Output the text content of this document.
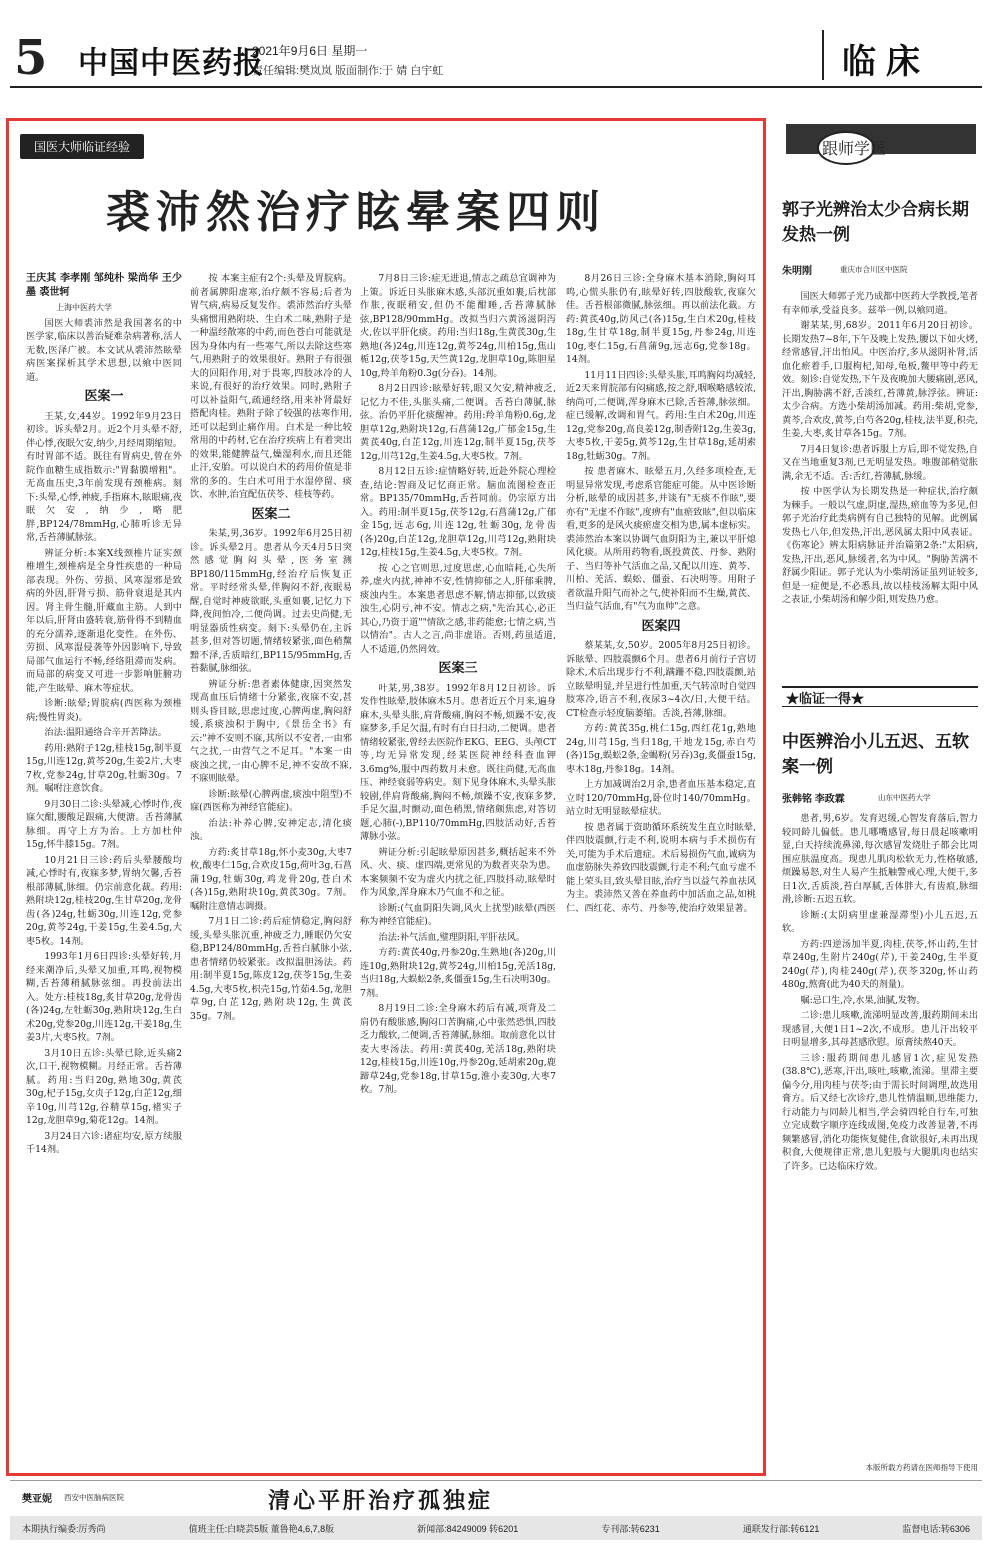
5 中国中医药报
2021年9月6日 星期一
责任编辑:樊岚岚 版面制作:于 婧 白宇虹	临床
国医大师临证经验
裘沛然治疗眩晕案四则

王庆其 李孝刚 邹纯朴 梁尚华 王少墨 裘世轲

上海中医药大学

国医大师裘沛然是我国著名的中医学家,临床以善治疑难杂病著称,活人无数,医泽广被。本文试从裘沛然眩晕病医案探析其学术思想,以飨中医同道。

医案一

王某,女,44岁。1992年9月23日初诊。诉头晕2月。近2个月头晕不舒,伴心悸,夜眠欠安,纳少,月经周期缩短。有时胃部不适。既往有胃病史,曾在外院作血糖生成指数示:"胃黏膜增粗"。无高血压史,3年前发现有颈椎病。刻下:头晕,心悸,神疲,手指麻木,眩眼痛,夜眠欠安,纳少,略肥胖,BP124/78mmHg,心肺听诊无异常,舌苔薄腻脉弦。

辨证分析:本案X线颈椎片证实颈椎增生,颈椎病是全身性疾患的一种局部表现。外伤、劳损、风寒湿邪是致病的外因,肝肾亏损、筋骨衰退是其内因。肾主骨生髓,肝藏血主筋。人到中年以后,肝肾由盛转衰,筋骨得不到精血的充分濡养,逐渐退化变性。在外伤、劳损、风寒湿侵袭等外因影响下,导致局部气血运行不畅,经络阻滞而发病。而局部的病变又可进一步影响脏腑功能,产生眩晕、麻木等症状。

诊断:眩晕;胃脘病(西医称为颈椎病;慢性胃炎)。

治法:温阳通络合辛开苦降法。

药用:熟附子12g,桂枝15g,制半夏15g,川连12g,黄芩20g,生姜2片,大枣7枚,党参24g,甘草20g,牡蛎30g。7剂。嘱咐注意饮食。

9月30日二诊:头晕减,心悸时作,夜寐欠酣,腰酸足跟痛,大便溏。舌苔薄腻脉细。再守上方为治。上方加杜仲15g,怀牛膝15g。7剂。

10月21日三诊:药后头晕腰酸均减,心悸时有,夜寐多梦,胃纳欠馨,舌苔根部薄腻,脉细。仍宗前意化裁。药用:熟附块12g,桂枝20g,生甘草20g,龙骨齿(各)24g,牡蛎30g,川连12g,党参20g,黄芩24g,干姜15g,生姜4.5g,大枣5枚。14剂。

1993年1月6日四诊:头晕好转,月经来潮净后,头晕又加重,耳鸣,视物模糊,舌苔薄稍腻脉弦细。再投前法出入。处方:桂枝18g,炙甘草20g,龙骨齿(各)24g,左牡蛎30g,熟附块12g,生白术20g,党参20g,川连12g,干姜18g,生姜3片,大枣5枚。7剂。

3月10日五诊:头晕已除,近头痛2次,口干,视物模糊。月经正常。舌苔薄腻。药用:当归20g,熟地30g,黄芪30g,杞子15g,女贞子12g,白芷12g,细辛10g,川芎12g,谷精草15g,褚实子12g,龙胆草9g,菊花12g。14剂。

3月24日六诊:诸症均安,原方续服千14剂。

按 本案主症有2个:头晕及胃脘病。前者属脾阳虚寒,治疗颇不容易;后者为胃气病,病易反复发作。裘沛然治疗头晕头痛惯用熟附块、生白术二味,熟附子是一种温经散寒的中药,而色苍白可能就是因为身体内有一些寒气,所以去除这些寒气,用熟附子的效果很好。熟附子有很强大的回阳作用,对于畏寒,四肢冰冷的人来说,有很好的治疗效果。同时,熟附子可以补益阳气,疏通经络,用来补肾最好搭配肉桂。熟附子除了较强的祛寒作用,还可以起到止痛作用。白术是一种比较常用的中药材,它在治疗疾病上有着突出的效果,能健脾益气,燥湿利水,而且还能止汗,安胎。可以说白术的药用价值是非常的多的。生白术可用于水湿停留、痰饮、水肿,治宜配伍茯苓、桂枝等药。

医案二

朱某,男,36岁。1992年6月25日初诊。诉头晕2月。患者从今天4月5日突然感觉胸闷头晕,医务室测BP180/115mmHg,经治疗后恢复正常。平时经常头晕,伴胸闷不舒,夜眠易醒,自觉时神疲欲眠,头重如裹,记忆力下降,夜间怕冷,二便尚调。过去史尚健,无明显器质性病变。刻下:头晕仍在,主诉甚多,但对答切题,情绪较紧张,面色稍黧黯不泽,舌质暗红,BP115/95mmHg,舌苔黏腻,脉细弦。

辨证分析:患者素体健康,因突然发现高血压后情绪十分紧张,夜寐不安,甚则头昏目眩,思虑过度,心脾两虚,胸闷舒缓,系痰浊积于胸中,《景岳全书》有云:"神不安则不寐,其所以不安者,一由邪气之扰,一由营气之不足耳。"本案一由痰浊之扰,一由心脾不足,神不安故不寐,不寐则眩晕。

诊断:眩晕(心脾两虚,痰浊中阻型)不寐(西医称为神经官能症)。

治法:补养心脾,安神定志,清化痰浊。

方药:炙甘草18g,怀小麦30g,大枣7枚,酸枣仁15g,合欢皮15g,荷叶3g,石菖蒲19g,牡蛎30g,鸡龙骨20g,苍白术(各)15g,熟附块10g,黄芪30g。7剂。嘱附注意情志调摄。

7月1日二诊:药后症情稳定,胸闷舒缓,头晕头胀沉重,神疲乏力,睡眠仍欠安稳,BP124/80mmHg,舌苔白腻脉小弦,患者情绪仍较紧张。改拟温胆汤法。药用:制半夏15g,陈皮12g,茯苓15g,生姜4.5g,大枣5枚,枳壳15g,竹茹4.5g,龙胆草9g,白芷12g,熟附块12g,生黄芪35g。7剂。

7月8日三诊:症无进退,情志之疏总宜调神为上策。诉近日头胀麻木感,头部沉重如裹,后枕部作胀,夜眠稍安,但仍不能酣睡,舌苔薄腻脉弦,BP128/90mmHg。改拟当归六黄汤滋阴泻火,佐以平肝化痰。药用:当归18g,生黄芪30g,生熟地(各)24g,川连12g,黄芩24g,川柏15g,焦山栀12g,茯苓15g,天竺黄12g,龙胆草10g,陈胆星10g,羚羊角粉0.3g(分吞)。14剂。

8月2日四诊:眩晕好转,眼又欠安,精神疲乏,记忆力不佳,头胀头痛,二便调。舌苔白薄腻,脉弦。治仍平肝化痰醒神。药用:羚羊角粉0.6g,龙胆草12g,熟附块12g,石菖蒲12g,广郁金15g,生黄芪40g,白芷12g,川连12g,制半夏15g,茯苓12g,川芎12g,生姜4.5g,大枣5枚。7剂。

8月12日五诊:症情略好转,近赴外院心理检查,结论:智商及记忆商正常。脑血流图检查正常。BP135/70mmHg,舌苔同前。仍宗原方出入。药用:制半夏15g,茯苓12g,石菖蒲12g,广郁金15g,远志6g,川连12g,牡蛎30g,龙骨齿(各)20g,白芷12g,龙胆草12g,川芎12g,熟附块12g,桂枝15g,生姜4.5g,大枣5枚。7剂。

按 心之官则思,过度思虑,心血暗耗,心失所养,虚火内扰,神神不安,性情抑郁之人,肝郁乘脾,痰浊内生。本案患者思虑不解,情志抑郁,以致痰浊生,心阴亏,神不安。情志之病,"先治其心,必正其心,乃资于道""情欲之感,非药能愈;七情之病,当以情治"。古人之言,尚非虚语。否则,药虽适道,人不适道,仍然罔效。

医案三

叶某,男,38岁。1992年8月12日初诊。诉发作性眩晕,肢体麻木5月。患者近五个月来,遍身麻木,头晕头胀,肩背酸痛,胸闷不畅,烦躁不安,夜寐梦多,手足欠温,有时有白日扫动,二便调。患者情绪较紧张,曾经去医院作EKG、EEG、头颅CT等,均无异常发现,经某医院神经科查血钾3.6mg%,服中西药数月未愈。既往尚健,无高血压、神经衰弱等病史。刻下见身体麻木,头晕头胀较剧,伴肩背酸痛,胸闷不畅,烦躁不安,夜寐多梦,手足欠温,时颤动,面色稍黑,情绪颇焦虑,对答切题,心肺(-),BP110/70mmHg,四肢活动好,舌苔薄脉小弦。

辨证分析:引起眩晕原因甚多,概括起来不外风、火、痰、虚四端,更常见的为数者夹杂为患。本案频频不安为虚火内扰之征,四肢抖动,眩晕时作为风象,浑身麻木乃气血不和之征。

诊断:(气血阴阳失调,风火上扰型)眩晕(西医称为神经官能症)。

治法:补气活血,璧理阴阳,平肝祛风。

方药:黄芪40g,丹参20g,生熟地(各)20g,川连10g,熟附块12g,黄芩24g,川柏15g,羌活18g,当归18g,大蜈蚣2条,炙僵蚕15g,生石决明30g。7剂。

8月19日二诊:全身麻木药后有减,项背及二肩仍有酸胀感,胸闷口苦胸痛,心中张然恐惧,四肢乏力酸软,二便调,舌苔薄腻,脉细。取前意化以甘麦大枣汤法。药用:黄芪40g,羌活18g,熟附块12g,桂枝15g,川连10g,丹参20g,延胡索20g,鹿蹄草24g,党参18g,甘草15g,淮小麦30g,大枣7枚。7剂。

8月26日三诊:全身麻木基本消除,胸闷耳鸣,心慌头胀仍有,眩晕好转,四肢酸软,夜寐欠佳。舌苔根部微腻,脉弦细。再以前法化裁。方药:黄芪40g,防风己(各)15g,生白术20g,桂枝18g,生甘草18g,制半夏15g,丹参24g,川连10g,枣仁15g,石菖蒲9g,远志6g,党参18g。14剂。

11月11日四诊:头晕头胀,耳鸣胸闷均减轻,近2天来胃脘部有闷痛感,按之舒,咽喉略感较浓,纳尚可,二便调,浑身麻木已除,舌苔薄,脉弦细。症已缓解,改调和胃气。药用:生白术20g,川连12g,党参20g,高良姜12g,制香附12g,生姜3g,大枣5枚,干姜5g,黄芩12g,生甘草18g,延胡索18g,牡蛎30g。7剂。

按 患者麻木、眩晕五月,久经多项检查,无明显异常发现,考虑系官能症可能。从中医诊断分析,眩晕的成因甚多,并谈有"无痰不作眩",要亦有"无虚不作眩",度痹有"血瘀致眩",但以临床看,更多的是风火痰瘀虚交相为患,属本虚标实。裘沛然治本案以协调气血阴阳为主,兼以平肝熄风化痰。从所用药物看,既投黄芪、丹参、熟附子、当归等补气活血之品,又配以川连、黄芩、川柏、羌活、蜈蚣、僵蚕、石决明等。用附子者欲温升阳气而补之气,使补阳而不生燥,黄芪、当归益气活血,有"气为血帅"之意。

医案四

蔡某某,女,50岁。2005年8月25日初诊。诉眩晕、四肢震颤6个月。患者6月前行子宫切除术,术后出现步行不利,蹒跚不稳,四肢震颤,站立眩晕明显,并呈进行性加重,天气转凉时自觉四肢寒冷,语言不利,夜尿3~4次/日,大便干结。CT检查示轻度脑萎缩。舌淡,苔薄,脉细。

方药:黄芪35g,桃仁15g,西红花1g,熟地24g,川芎15g,当归18g,干地龙15g,赤白芍(各)15g,蜈蚣2条,金蝎粉(另吞)3g,炙僵蚕15g,枣木18g,丹参18g。14剂。

上方加减调治2月余,患者血压基本稳定,直立时120/70mmHg,卧位时140/70mmHg。站立时无明显眩晕症状。

按 患者属于资助循环系统发生直立时眩晕,伴四肢震颤,行走不利,说明本病与手术损伤有关,可能为手术后遗症。术后易损伤气血,诚病为血虚筋脉失养致四肢震颤,行走不利;气血亏虚不能上荣头目,致头晕目眩,治疗当以益气养血祛风为主。裘沛然又善在养血药中加活血之品,如桃仁、西红花、赤芍、丹参等,使治疗效果显著。

跟师学医
郭子光辨治太少合病长期发热一例
朱明刚	重庆市合川区中医院

国医大师郭子光乃成都中医药大学教授,笔者有幸师承,受益良多。兹举一例,以飨同道。

谢某某,男,68岁。2011年6月20日初诊。长期发热7~8年,下午及晚上发热,腰以下如火烤,经常感冒,汗出怕风。中医治疗,多从滋阴补肾,活血化瘀着手,口服枸杞,知母,龟板,鳖甲等中药无效。刻诊:自觉发热,下午及夜晚加大腰痛剧,恶风,汗出,胸胁满不舒,舌淡红,苔薄黄,脉浮弦。辨证:太少合病。方选小柴胡汤加减。药用:柴胡,党参,黄芩,合欢皮,黄芩,白芍各20g,桂枝,法半夏,积壳,生姜,大枣,炙甘草各15g。7剂。

7月4日复诊:患者诉服上方后,即不觉发热,自又在当地重复3剂,已无明显发热。唯腹部稍觉胀满,余无不适。舌:舌红,苔薄腻,脉缓。

按 中医学认为长期发热是一种症状,治疗颇为棘手。一般以气虚,阴虚,湿热,瘀血等为多见,但郭子光治疗此类病例有自己独特的见解。此例属发热七八年,但发热,汗出,恶风属太阳中风表证。《伤寒论》辨太阳病脉证并治篇第2条:"太阳病,发热,汗出,恶风,脉缓者,名为中风。"胸胁苦满不舒属少阳证。郭子光认为小柴胡汤证虽列证较多,但是一症便是,不必悉具,故以桂枝汤解太阳中风之表证,小柴胡汤和解少阳,则发热乃愈。

★临证一得★
中医辨治小儿五迟、五软案一例
张韩铭 李政霖	山东中医药大学

患者,男,6岁。发育迟缓,心智发育落后,智力较同龄儿偏低。患儿哪嘴感冒,每日晨起咳嗽明显,白天持续流鼻涕,每次感冒发烧肚子都会比周围应肤温度高。现患儿肌肉松软无力,性格敏感,烦躁易怒,对生人易产生抵触警戒心理,大便干,多日1次,舌质淡,苔白厚腻,舌体胖大,有齿痕,脉细滑,诊断:五迟五软。

诊断:(太阴病里虚兼湿滞型)小儿五迟,五软。

方药:四逆汤加半夏,肉桂,茯苓,怀山药,生甘草240g,生附片240g(芹),干姜240g,生半夏240g(芹),肉桂240g(芹),茯苓320g,怀山药480g,熬膏(此为40天的剂量)。

嘱:忌口生,冷,水果,油腻,发物。

二诊:患儿咳嗽,流涕明显改善,服药期间未出现感冒,大便1日1~2次,不成形。患儿汗出较平日明显增多,其母甚感欣慰。原膏续熬40天。

三诊:服药期间患儿感冒1次,症见发热(38.8℃),恶寒,汗出,咳吐,咳嗽,流涕。里滞主要偏今分,用肉桂与茯苓;由于需长时间调理,故选用膏方。后又经七次诊疗,患儿性情温顺,思维能力,行动能力与同龄儿相当,学会骑四轮自行车,可独立完成数字顺序连线成图,免疫力改善显著,不再频繁感冒,消化功能恢复健佳,食欲很好,未再出现积食,大便规律正常,患儿犯股与大腿肌肉也结实了许多。已达临床疗效。

本版所载方药请在医师指导下使用
清心平肝治疗孤独症
樊亚妮 西安中医脑病医院
本期执行编委:厉秀尚	值班主任:白晓芸5版 董鲁艳4,6,7,8版	新闻部:84249009 转6201	专刊部:转6231	通联发行部:转6121	监督电话:转6306
